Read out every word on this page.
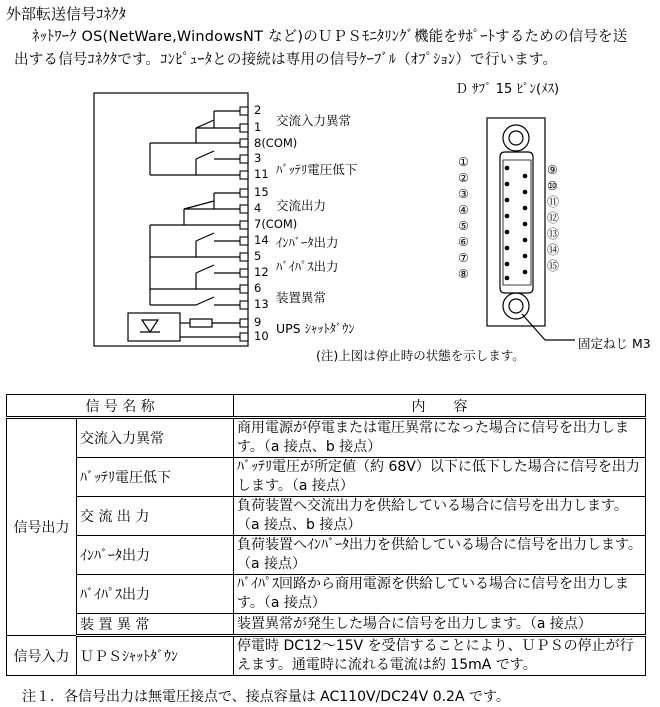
外部転送信号ｺﾈｸﾀ
ﾈｯﾄﾜｰｸ OS(NetWare,WindowsNT など)のＵＰＳﾓﾆﾀﾘﾝｸﾞ機能をｻﾎﾟｰﾄするための信号を送
出する信号ｺﾈｸﾀです。ｺﾝﾋﾟｭｰﾀとの接続は専用の信号ｹｰﾌﾞﾙ（ｵﾌﾟｼｮﾝ）で行います。
2
1
8(COM)
3
11
15
4
7(COM)
14
5
12
6
13
9
10
交流入力異常
ﾊﾞｯﾃﾘ電圧低下
交流出力
ｲﾝﾊﾞｰﾀ出力
ﾊﾞｲﾊﾟｽ出力
装置異常
UPS ｼｬｯﾄﾀﾞｳﾝ
①
②
③
④
⑤
⑥
⑦
⑧
⑨
⑩
⑪
⑫
⑬
⑭
⑮
Ｄ ｻﾌﾞ 15 ﾋﾟﾝ(ﾒｽ)
固定ねじ M3
(注)上図は停止時の状態を示します。
信 号 名 称		内　　容
信号出力	交流入力異常	商用電源が停電または電圧異常になった場合に信号を出力します。（a 接点、b 接点）
	ﾊﾞｯﾃﾘ電圧低下	ﾊﾞｯﾃﾘ電圧が所定値（約 68V）以下に低下した場合に信号を出力します。（a 接点）
	交 流 出 力	負荷装置へ交流出力を供給している場合に信号を出力します。（a 接点、b 接点）
	ｲﾝﾊﾞｰﾀ出力	負荷装置へｲﾝﾊﾞｰﾀ出力を供給している場合に信号を出力します。（a 接点）
	ﾊﾞｲﾊﾟｽ出力	ﾊﾞｲﾊﾟｽ回路から商用電源を供給している場合に信号を出力します。（a 接点）
	装 置 異 常	装置異常が発生した場合に信号を出力します。（a 接点）
信号入力	ＵＰＳｼｬｯﾄﾀﾞｳﾝ	停電時 DC12～15V を受信することにより、ＵＰＳの停止が行えます。通電時に流れる電流は約 15mA です。
注１．各信号出力は無電圧接点で、接点容量は AC110V/DC24V 0.2A です。
